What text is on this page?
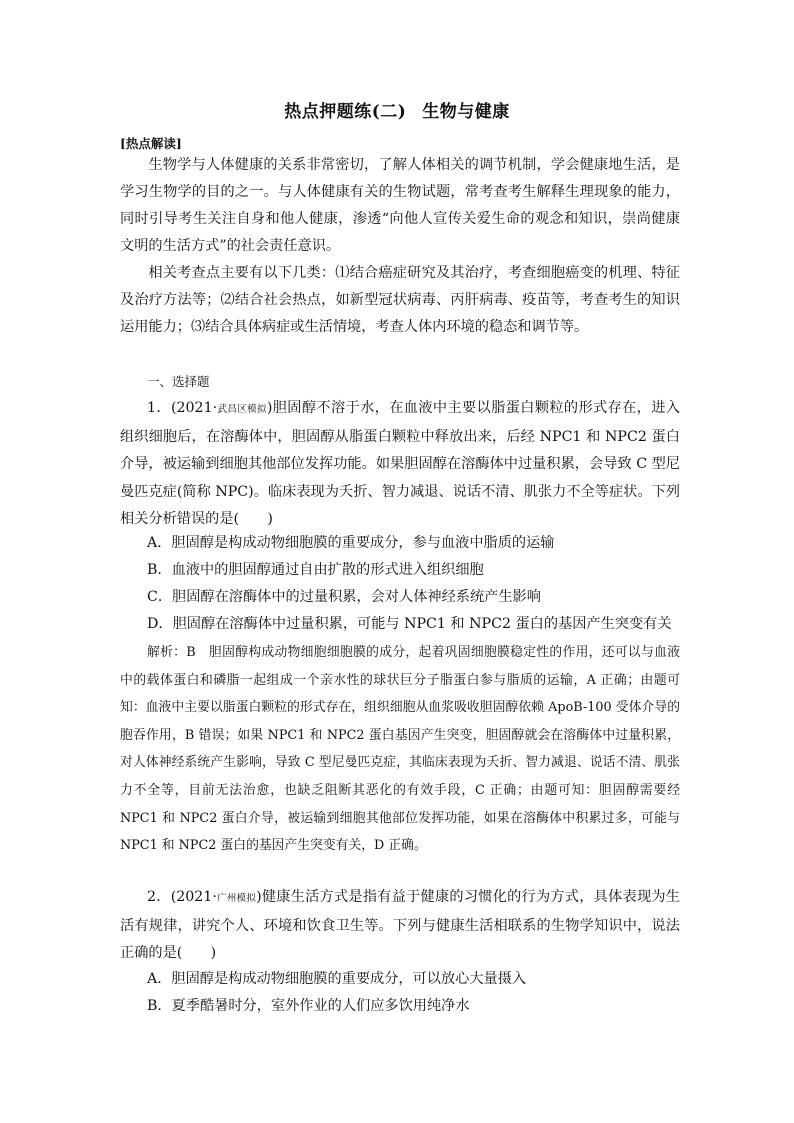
热点押题练(二) 生物与健康
[热点解读]
生物学与人体健康的关系非常密切，了解人体相关的调节机制，学会健康地生活，是学习生物学的目的之一。与人体健康有关的生物试题，常考查考生解释生理现象的能力，同时引导考生关注自身和他人健康，渗透“向他人宣传关爱生命的观念和知识，崇尚健康文明的生活方式”的社会责任意识。
相关考查点主要有以下几类：⑴结合癌症研究及其治疗，考查细胞癌变的机理、特征及治疗方法等；⑵结合社会热点，如新型冠状病毒、丙肝病毒、疫苗等，考查考生的知识运用能力；⑶结合具体病症或生活情境，考查人体内环境的稳态和调节等。
一、选择题
1．(2021·武昌区模拟)胆固醇不溶于水，在血液中主要以脂蛋白颗粒的形式存在，进入组织细胞后，在溶酶体中，胆固醇从脂蛋白颗粒中释放出来，后经 NPC1 和 NPC2 蛋白介导，被运输到细胞其他部位发挥功能。如果胆固醇在溶酶体中过量积累，会导致 C 型尼曼匹克症(简称 NPC)。临床表现为夭折、智力减退、说话不清、肌张力不全等症状。下列相关分析错误的是(　　)
A．胆固醇是构成动物细胞膜的重要成分，参与血液中脂质的运输
B．血液中的胆固醇通过自由扩散的形式进入组织细胞
C．胆固醇在溶酶体中的过量积累，会对人体神经系统产生影响
D．胆固醇在溶酶体中过量积累，可能与 NPC1 和 NPC2 蛋白的基因产生突变有关
解析：B　胆固醇构成动物细胞细胞膜的成分，起着巩固细胞膜稳定性的作用，还可以与血液中的载体蛋白和磷脂一起组成一个亲水性的球状巨分子脂蛋白参与脂质的运输，A 正确；由题可知：血液中主要以脂蛋白颗粒的形式存在，组织细胞从血浆吸收胆固醇依赖 ApoB-100 受体介导的胞吞作用，B 错误；如果 NPC1 和 NPC2 蛋白基因产生突变，胆固醇就会在溶酶体中过量积累，对人体神经系统产生影响，导致 C 型尼曼匹克症，其临床表现为夭折、智力减退、说话不清、肌张力不全等，目前无法治愈，也缺乏阻断其恶化的有效手段，C 正确；由题可知：胆固醇需要经 NPC1 和 NPC2 蛋白介导，被运输到细胞其他部位发挥功能，如果在溶酶体中积累过多，可能与 NPC1 和 NPC2 蛋白的基因产生突变有关，D 正确。
2．(2021·广州模拟)健康生活方式是指有益于健康的习惯化的行为方式，具体表现为生活有规律，讲究个人、环境和饮食卫生等。下列与健康生活相联系的生物学知识中，说法正确的是(　　)
A．胆固醇是构成动物细胞膜的重要成分，可以放心大量摄入
B．夏季酷暑时分，室外作业的人们应多饮用纯净水
